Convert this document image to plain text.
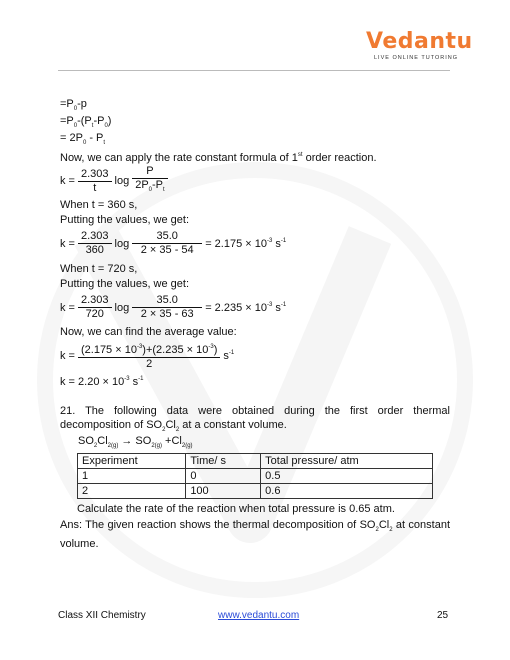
Vedantu
LIVE ONLINE TUTORING
$=P_0-p$
$=P_0-(P_t-P_0)$
= $2P_0 - P_t$
Now, we can apply the rate constant formula of 1st order reaction.
$k = \frac{2.303}{t}$ $\log \frac{P}{2P_0-P_t}$
When t = 360 s,
Putting the values, we get:
$k = \frac{2.303}{360}$ $\log \frac{35.0}{2 \times 35 - 54} = 2.175 \times 10^{-3}$ $s^{-1}$
When t = 720 s,
Putting the values, we get:
$k = \frac{2.303}{720}$ $\log \frac{35.0}{2 \times 35 - 63} = 2.235 \times 10^{-3}$ $s^{-1}$
Now, we can find the average value:
$k = \frac{(2.175 \times 10^{-3})+(2.235 \times 10^{-3})}{2} s^{-1}$
$k = 2.20 \times 10^{-3}$ $s^{-1}$
21. The following data were obtained during the first order thermal decomposition of $SO_2Cl_2$ at a constant volume.
$SO_2Cl_{2(g)} \to SO_{2(g)} +Cl_{2(g)}$
Experiment	Time/ s	Total pressure/ atm
1	0	0.5
2	100	0.6
Calculate the rate of the reaction when total pressure is 0.65 atm.
Ans: The given reaction shows the thermal decomposition of $SO_2Cl_2$ at constant volume.
Class XII Chemistry	www.vedantu.com	25
